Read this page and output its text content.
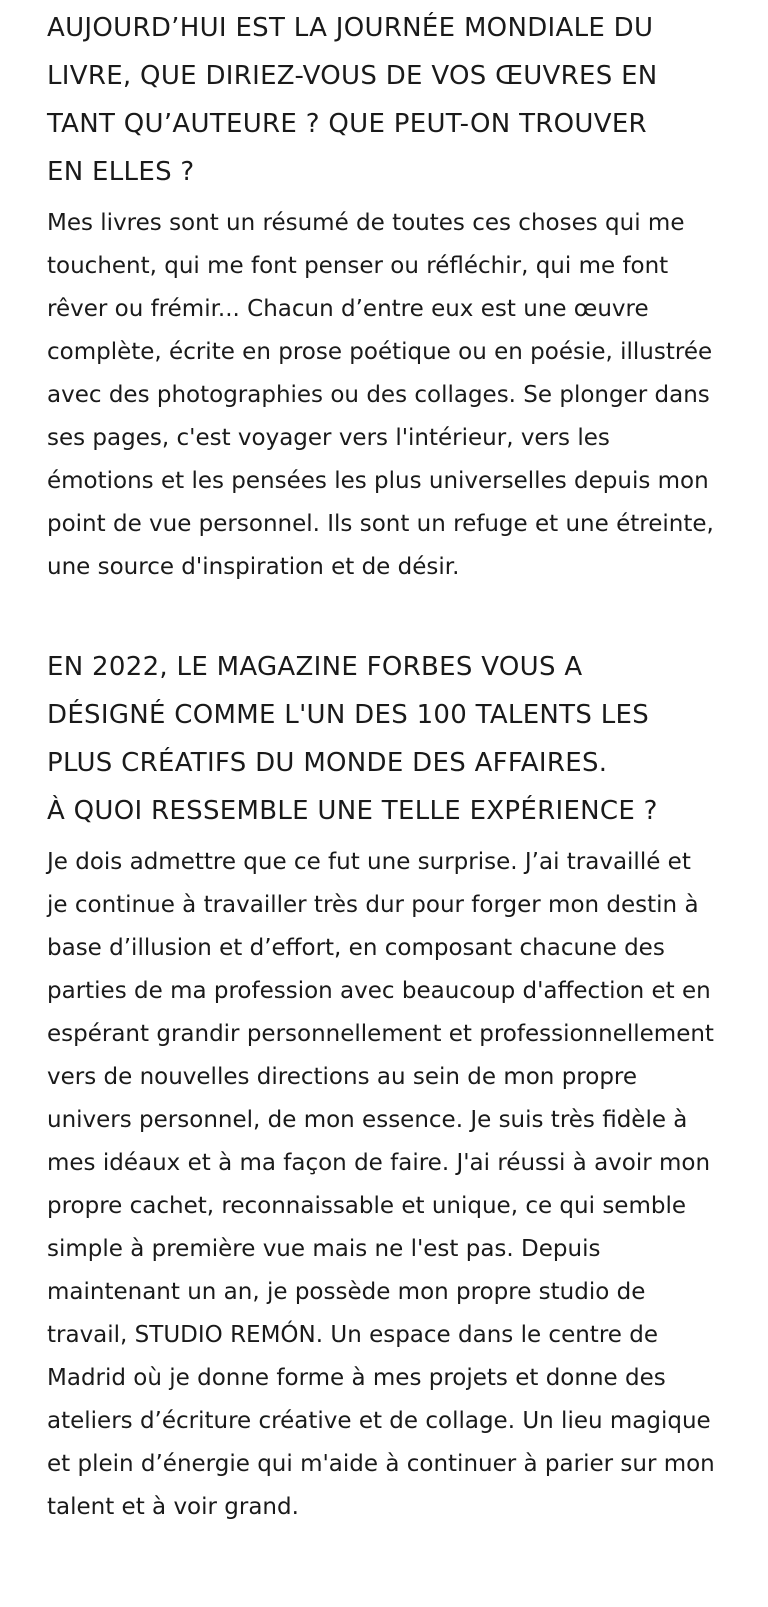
AUJOURD’HUI EST LA JOURNÉE MONDIALE DU
LIVRE, QUE DIRIEZ-VOUS DE VOS ŒUVRES EN
TANT QU’AUTEURE ? QUE PEUT-ON TROUVER
EN ELLES ?

Mes livres sont un résumé de toutes ces choses qui me touchent, qui me font penser ou réfléchir, qui me font rêver ou frémir... Chacun d’entre eux est une œuvre complète, écrite en prose poétique ou en poésie, illustrée avec des photographies ou des collages. Se plonger dans ses pages, c'est voyager vers l'intérieur, vers les émotions et les pensées les plus universelles depuis mon point de vue personnel. Ils sont un refuge et une étreinte, une source d'inspiration et de désir.

EN 2022, LE MAGAZINE FORBES VOUS A
DÉSIGNÉ COMME L'UN DES 100 TALENTS LES
PLUS CRÉATIFS DU MONDE DES AFFAIRES.
À QUOI RESSEMBLE UNE TELLE EXPÉRIENCE ?

Je dois admettre que ce fut une surprise. J’ai travaillé et je continue à travailler très dur pour forger mon destin à base d’illusion et d’effort, en composant chacune des parties de ma profession avec beaucoup d'affection et en espérant grandir personnellement et professionnellement vers de nouvelles directions au sein de mon propre univers personnel, de mon essence. Je suis très fidèle à mes idéaux et à ma façon de faire. J'ai réussi à avoir mon propre cachet, reconnaissable et unique, ce qui semble simple à première vue mais ne l'est pas. Depuis maintenant un an, je possède mon propre studio de travail, STUDIO REMÓN. Un espace dans le centre de Madrid où je donne forme à mes projets et donne des ateliers d’écriture créative et de collage. Un lieu magique et plein d’énergie qui m'aide à continuer à parier sur mon talent et à voir grand.
